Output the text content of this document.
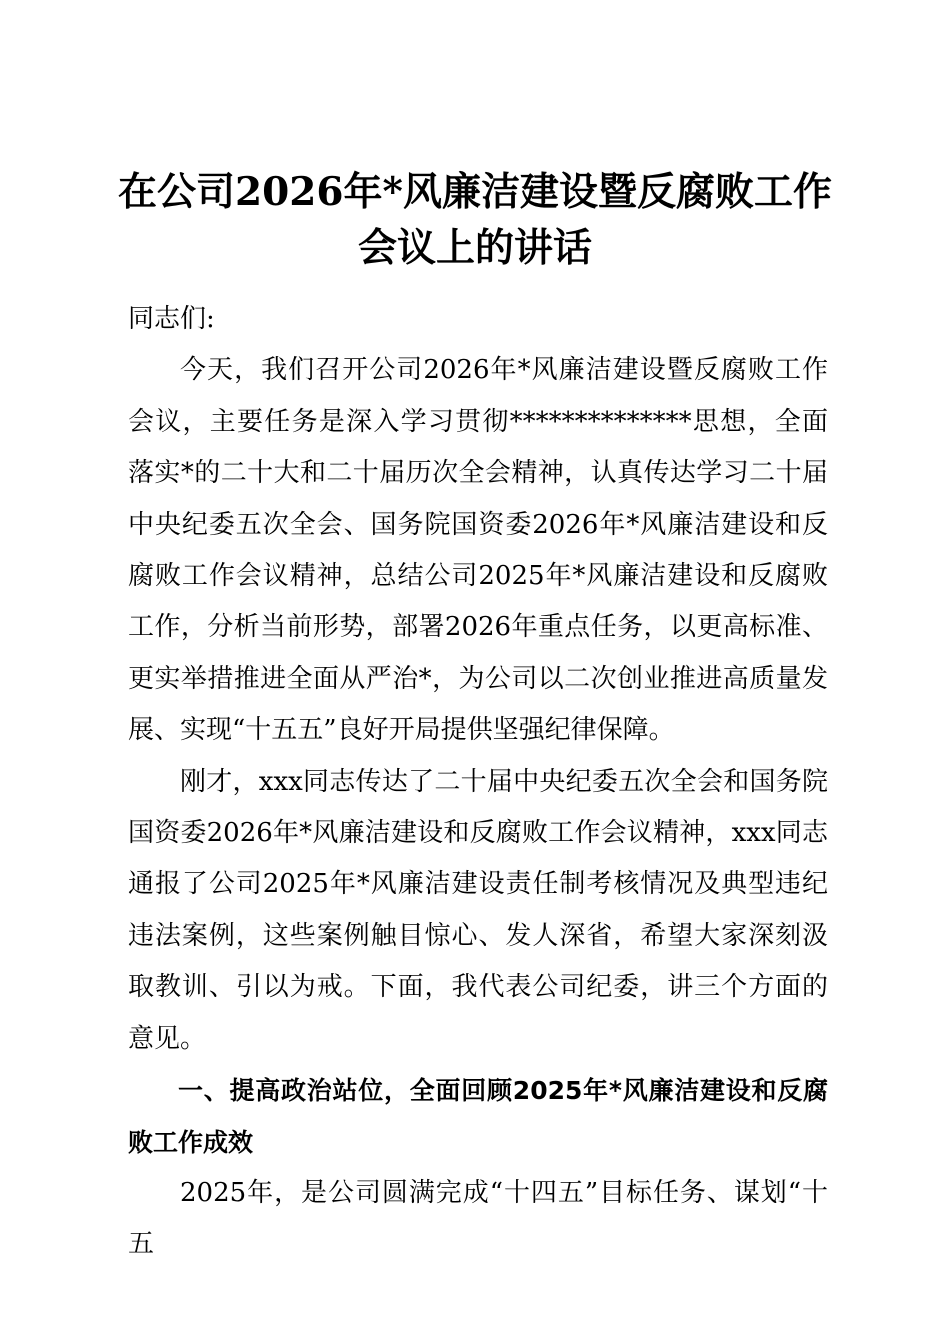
在公司2026年*风廉洁建设暨反腐败工作会议上的讲话

同志们:

今天，我们召开公司2026年*风廉洁建设暨反腐败工作会议，主要任务是深入学习贯彻**************思想，全面落实*的二十大和二十届历次全会精神，认真传达学习二十届中央纪委五次全会、国务院国资委2026年*风廉洁建设和反腐败工作会议精神，总结公司2025年*风廉洁建设和反腐败工作，分析当前形势，部署2026年重点任务，以更高标准、更实举措推进全面从严治*，为公司以二次创业推进高质量发展、实现“十五五”良好开局提供坚强纪律保障。

刚才，xxx同志传达了二十届中央纪委五次全会和国务院国资委2026年*风廉洁建设和反腐败工作会议精神，xxx同志通报了公司2025年*风廉洁建设责任制考核情况及典型违纪违法案例，这些案例触目惊心、发人深省，希望大家深刻汲取教训、引以为戒。下面，我代表公司纪委，讲三个方面的意见。

一、提高政治站位，全面回顾2025年*风廉洁建设和反腐败工作成效

2025年，是公司圆满完成“十四五”目标任务、谋划“十五
